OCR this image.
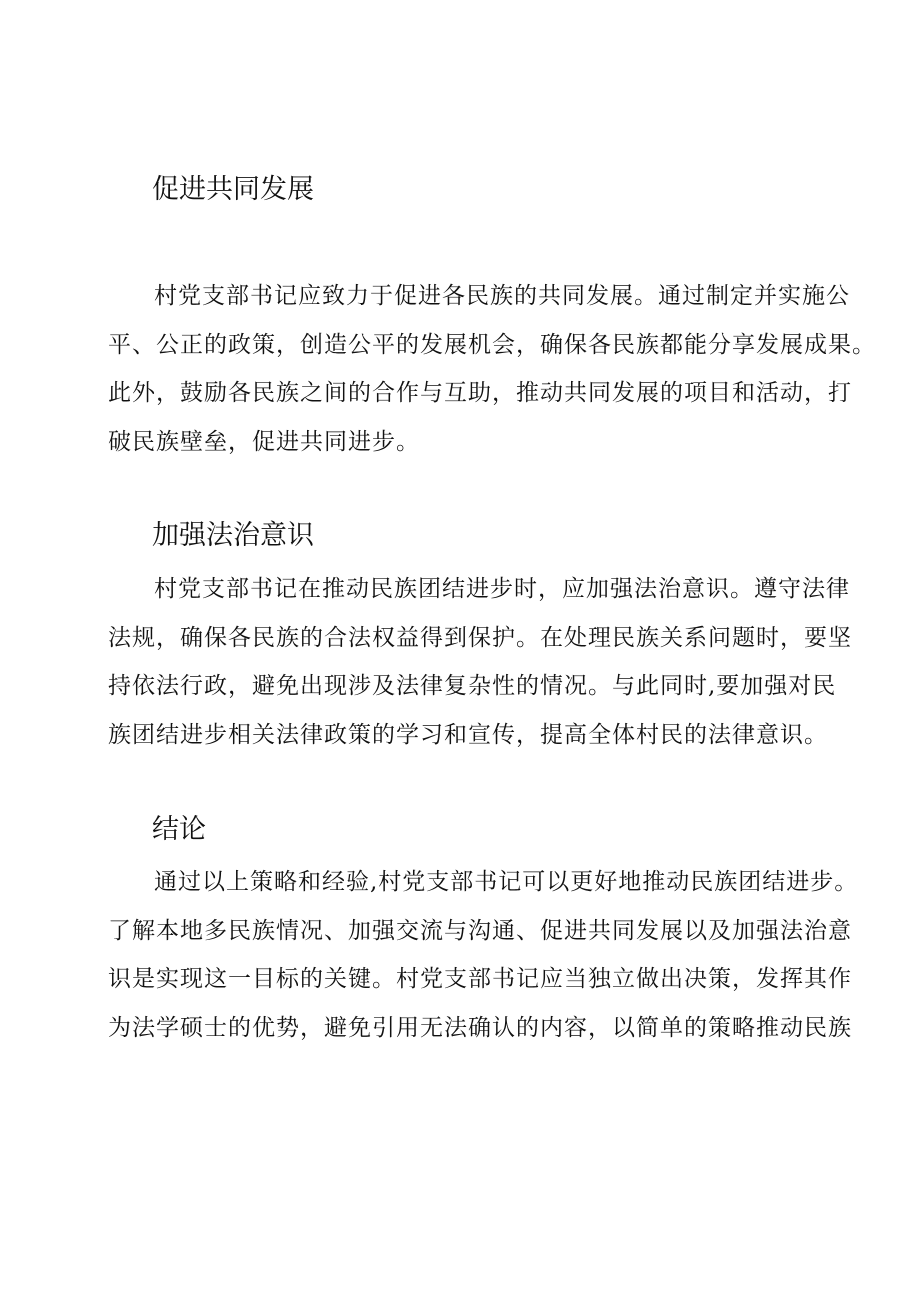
促进共同发展
村党支部书记应致力于促进各民族的共同发展。通过制定并实施公
平、公正的政策，创造公平的发展机会，确保各民族都能分享发展成果。
此外，鼓励各民族之间的合作与互助，推动共同发展的项目和活动，打
破民族壁垒，促进共同进步。
加强法治意识
村党支部书记在推动民族团结进步时，应加强法治意识。遵守法律
法规，确保各民族的合法权益得到保护。在处理民族关系问题时，要坚
持依法行政，避免出现涉及法律复杂性的情况。与此同时,要加强对民
族团结进步相关法律政策的学习和宣传，提高全体村民的法律意识。
结论
通过以上策略和经验,村党支部书记可以更好地推动民族团结进步。
了解本地多民族情况、加强交流与沟通、促进共同发展以及加强法治意
识是实现这一目标的关键。村党支部书记应当独立做出决策，发挥其作
为法学硕士的优势，避免引用无法确认的内容，以简单的策略推动民族
